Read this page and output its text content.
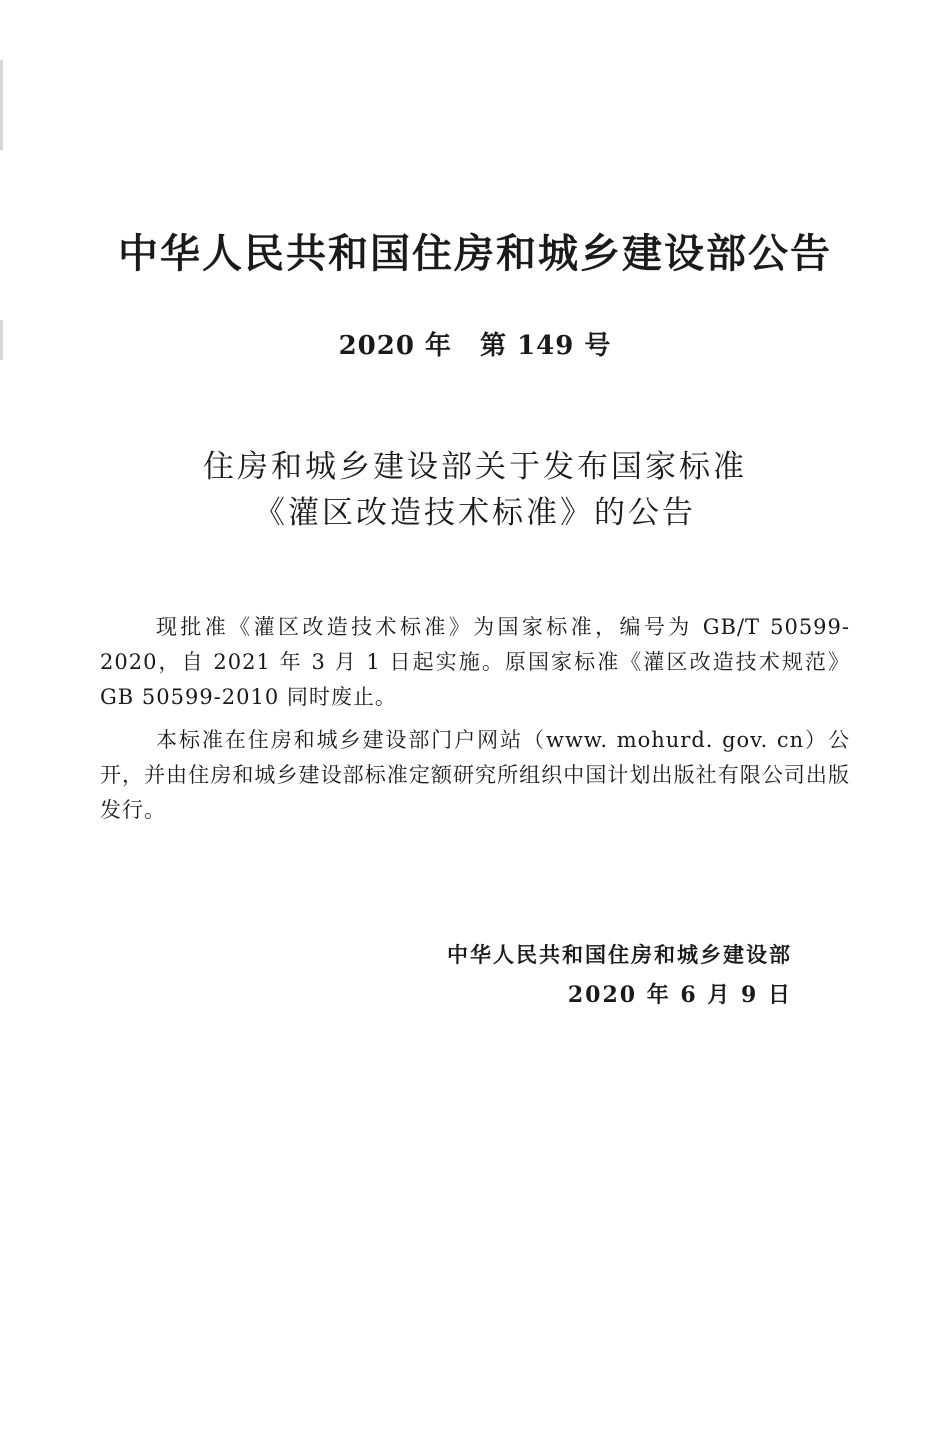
中华人民共和国住房和城乡建设部公告
2020 年 第 149 号
住房和城乡建设部关于发布国家标准
《灌区改造技术标准》的公告

现批准《灌区改造技术标准》为国家标准，编号为 GB/T 50599-2020，自 2021 年 3 月 1 日起实施。原国家标准《灌区改造技术规范》GB 50599-2010 同时废止。

本标准在住房和城乡建设部门户网站（www. mohurd. gov. cn）公开，并由住房和城乡建设部标准定额研究所组织中国计划出版社有限公司出版发行。

中华人民共和国住房和城乡建设部
2020 年 6 月 9 日
